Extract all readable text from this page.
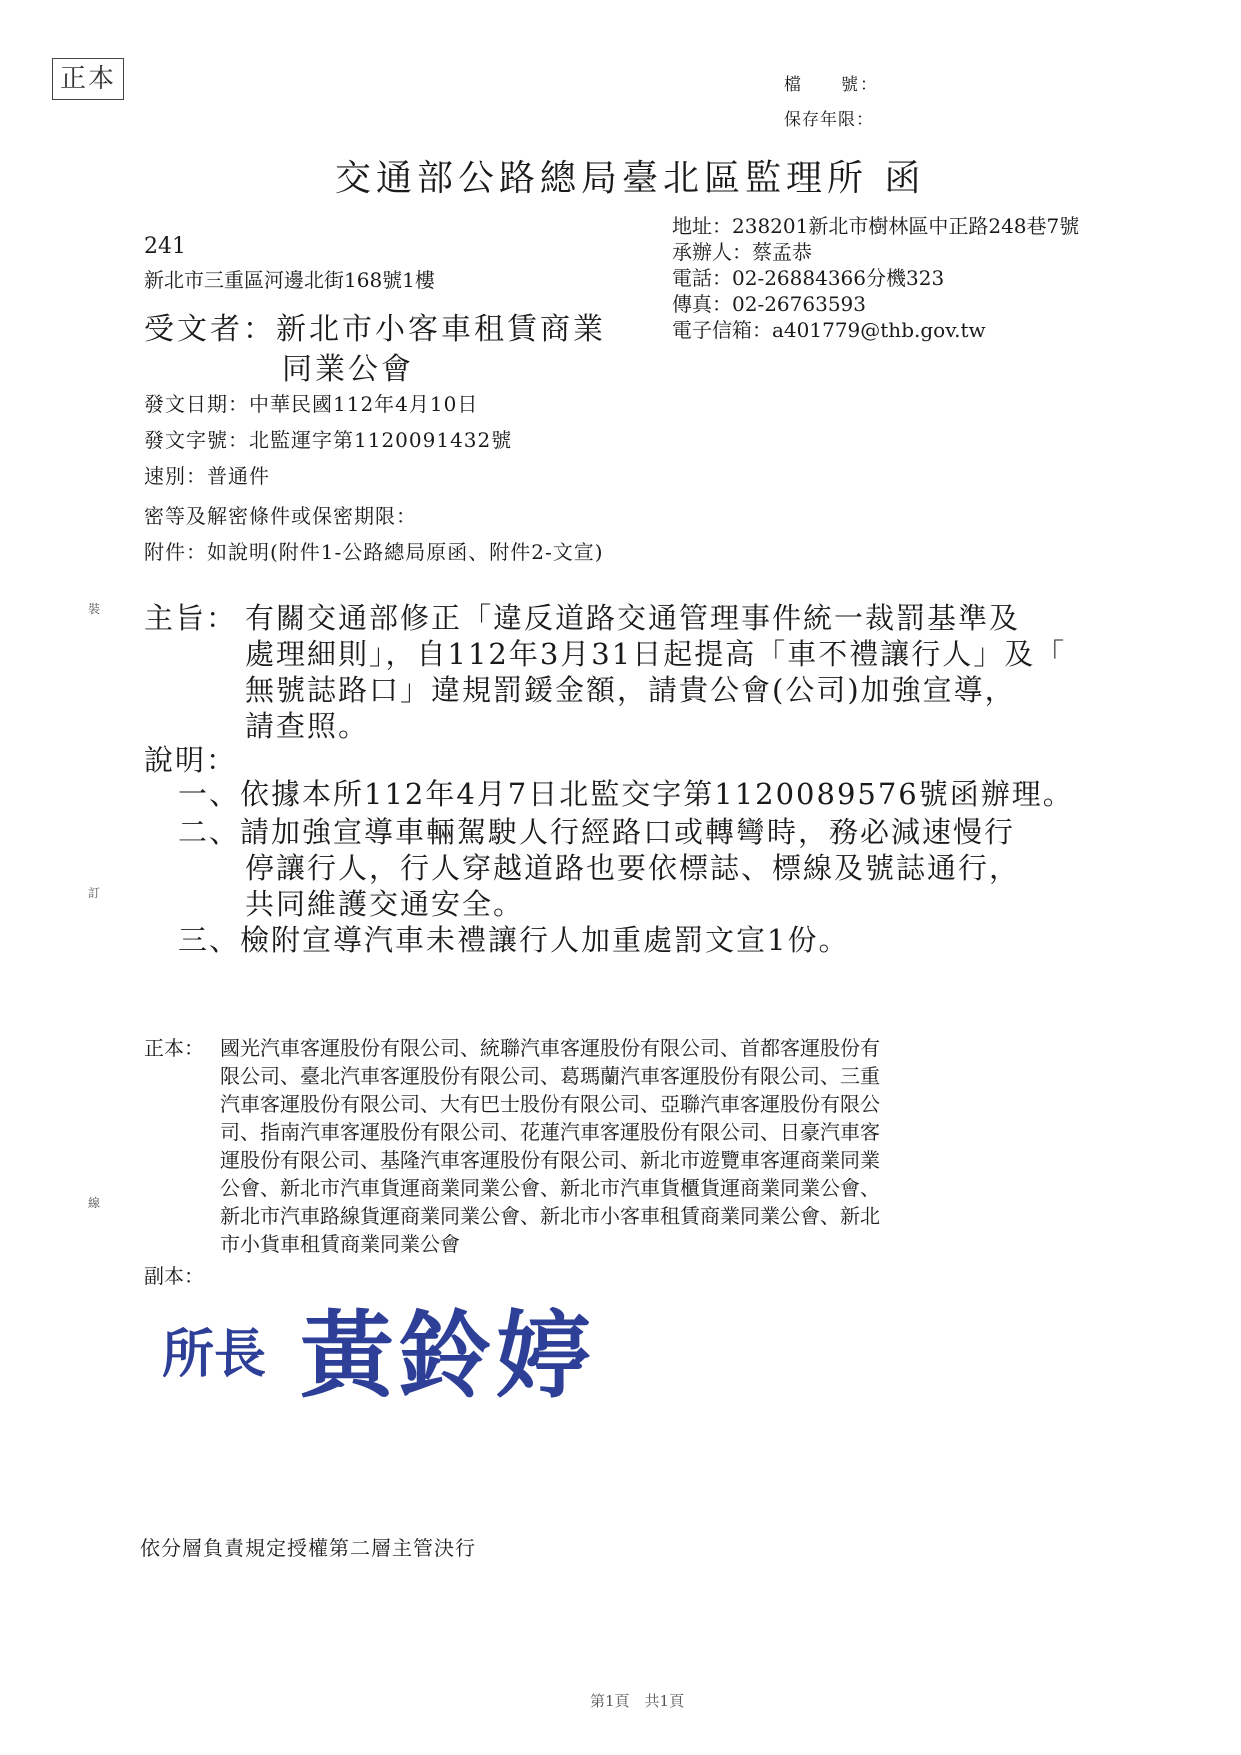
正本	檔　　號：
保存年限：
交通部公路總局臺北區監理所 函
地址：238201新北市樹林區中正路248巷7號
承辦人：蔡孟恭
電話：02-26884366分機323
傳真：02-26763593
電子信箱：a401779@thb.gov.tw
241
新北市三重區河邊北街168號1樓
受文者：新北市小客車租賃商業
同業公會
發文日期：中華民國112年4月10日
發文字號：北監運字第1120091432號
速別：普通件
密等及解密條件或保密期限：
附件：如說明(附件1-公路總局原函、附件2-文宣)
裝
訂
線
主旨： 有關交通部修正「違反道路交通管理事件統一裁罰基準及
處理細則」，自112年3月31日起提高「車不禮讓行人」及「
無號誌路口」違規罰鍰金額，請貴公會(公司)加強宣導，
請查照。
說明：
一、依據本所112年4月7日北監交字第1120089576號函辦理。
二、請加強宣導車輛駕駛人行經路口或轉彎時，務必減速慢行
停讓行人，行人穿越道路也要依標誌、標線及號誌通行，
共同維護交通安全。
三、檢附宣導汽車未禮讓行人加重處罰文宣1份。
正本： 國光汽車客運股份有限公司、統聯汽車客運股份有限公司、首都客運股份有
限公司、臺北汽車客運股份有限公司、葛瑪蘭汽車客運股份有限公司、三重
汽車客運股份有限公司、大有巴士股份有限公司、亞聯汽車客運股份有限公
司、指南汽車客運股份有限公司、花蓮汽車客運股份有限公司、日豪汽車客
運股份有限公司、基隆汽車客運股份有限公司、新北市遊覽車客運商業同業
公會、新北市汽車貨運商業同業公會、新北市汽車貨櫃貨運商業同業公會、
新北市汽車路線貨運商業同業公會、新北市小客車租賃商業同業公會、新北
市小貨車租賃商業同業公會
副本：
所長 黃鈴婷
依分層負責規定授權第二層主管決行
第1頁　共1頁
